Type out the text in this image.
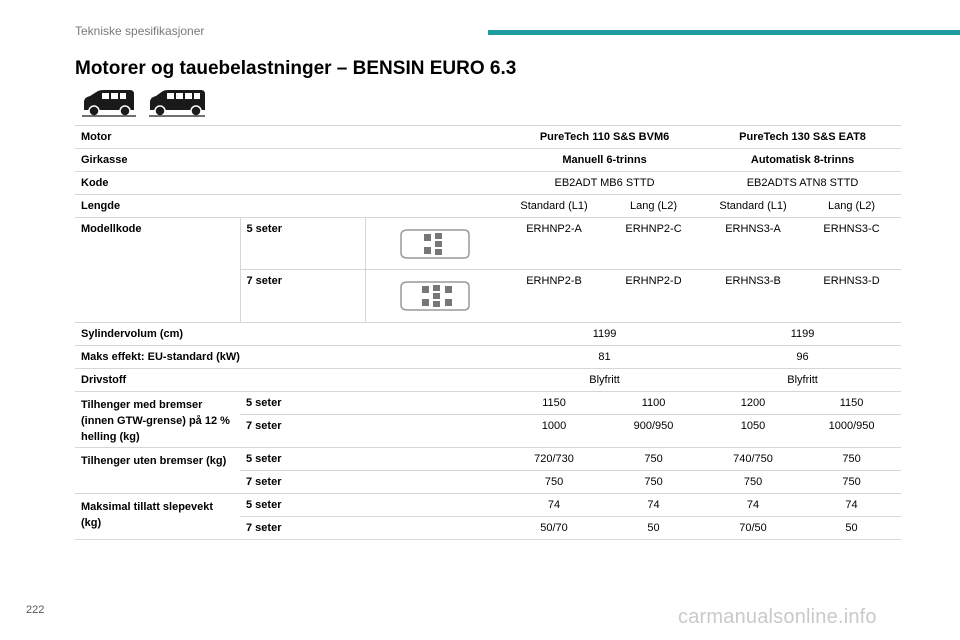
Tekniske spesifikasjoner
Motorer og tauebelastninger – BENSIN EURO 6.3
Motor			PureTech 110 S&S BVM6		PureTech 130 S&S EAT8	
Girkasse			Manuell 6-trinns		Automatisk 8-trinns	
Kode			EB2ADT MB6 STTD		EB2ADTS ATN8 STTD	
Lengde			Standard (L1)	Lang (L2)	Standard (L1)	Lang (L2)
Modellkode	5 seter		ERHNP2-A	ERHNP2-C	ERHNS3-A	ERHNS3-C
	7 seter		ERHNP2-B	ERHNP2-D	ERHNS3-B	ERHNS3-D
Sylindervolum (cm)			1199		1199	
Maks effekt: EU-standard (kW)			81		96	
Drivstoff			Blyfritt		Blyfritt	
Tilhenger med bremser (innen GTW-grense) på 12 % helling (kg)	5 seter		1150	1100	1200	1150
	7 seter		1000	900/950	1050	1000/950
Tilhenger uten bremser (kg)	5 seter		720/730	750	740/750	750
	7 seter		750	750	750	750
Maksimal tillatt slepevekt (kg)	5 seter		74	74	74	74
	7 seter		50/70	50	70/50	50
222	carmanualsonline.info
